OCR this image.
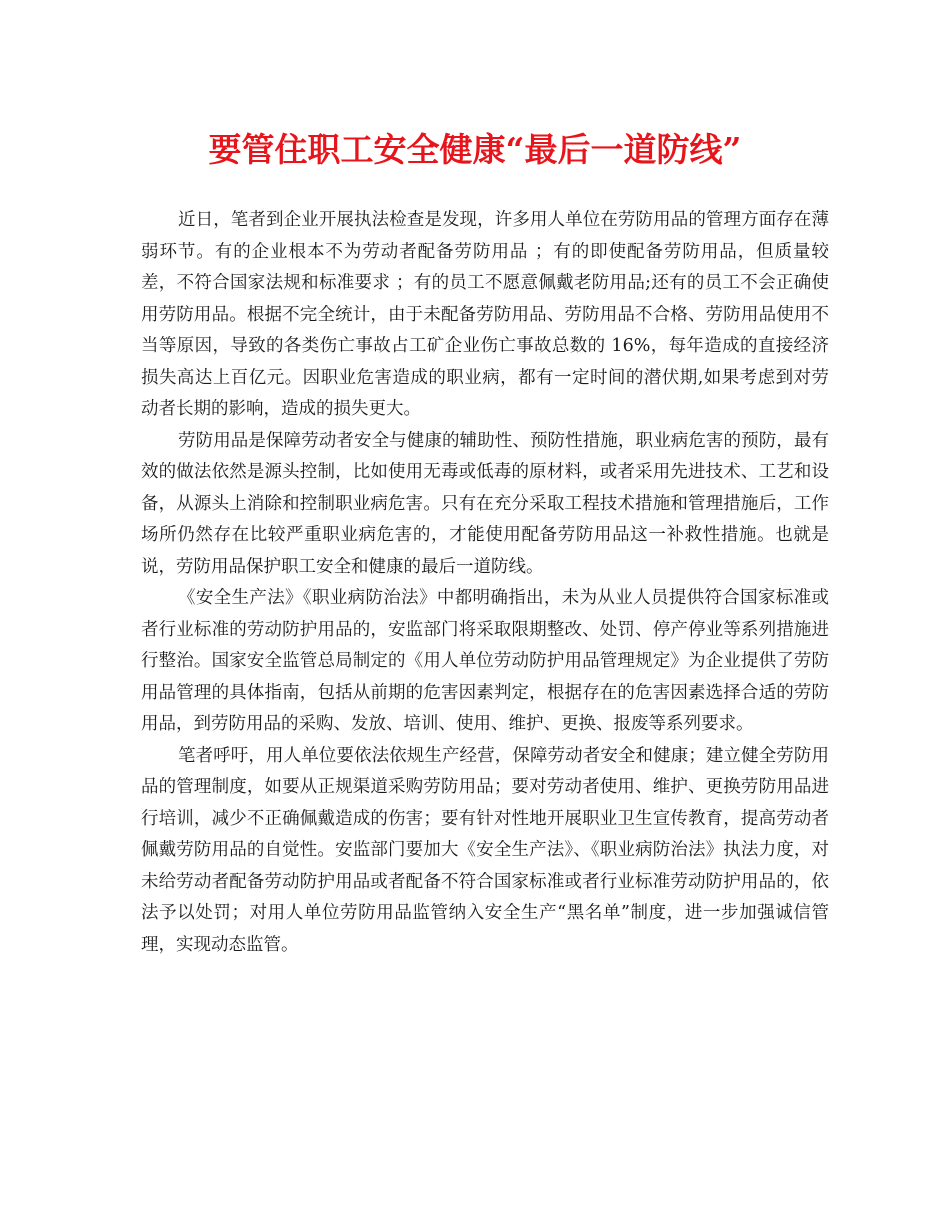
要管住职工安全健康“最后一道防线”

近日，笔者到企业开展执法检查是发现，许多用人单位在劳防用品的管理方面存在薄弱环节。有的企业根本不为劳动者配备劳防用品 ；有的即使配备劳防用品，但质量较差，不符合国家法规和标准要求 ；有的员工不愿意佩戴老防用品;还有的员工不会正确使用劳防用品。根据不完全统计，由于未配备劳防用品、劳防用品不合格、劳防用品使用不当等原因，导致的各类伤亡事故占工矿企业伤亡事故总数的 16%，每年造成的直接经济损失高达上百亿元。因职业危害造成的职业病，都有一定时间的潜伏期,如果考虑到对劳动者长期的影响，造成的损失更大。

劳防用品是保障劳动者安全与健康的辅助性、预防性措施，职业病危害的预防，最有效的做法依然是源头控制，比如使用无毒或低毒的原材料，或者采用先进技术、工艺和设备，从源头上消除和控制职业病危害。只有在充分采取工程技术措施和管理措施后，工作场所仍然存在比较严重职业病危害的，才能使用配备劳防用品这一补救性措施。也就是说，劳防用品保护职工安全和健康的最后一道防线。

《安全生产法》《职业病防治法》中都明确指出，未为从业人员提供符合国家标准或者行业标准的劳动防护用品的，安监部门将采取限期整改、处罚、停产停业等系列措施进行整治。国家安全监管总局制定的《用人单位劳动防护用品管理规定》为企业提供了劳防用品管理的具体指南，包括从前期的危害因素判定，根据存在的危害因素选择合适的劳防用品，到劳防用品的采购、发放、培训、使用、维护、更换、报废等系列要求。

笔者呼吁，用人单位要依法依规生产经营，保障劳动者安全和健康；建立健全劳防用品的管理制度，如要从正规渠道采购劳防用品；要对劳动者使用、维护、更换劳防用品进行培训，减少不正确佩戴造成的伤害；要有针对性地开展职业卫生宣传教育，提高劳动者佩戴劳防用品的自觉性。安监部门要加大《安全生产法》、《职业病防治法》执法力度，对未给劳动者配备劳动防护用品或者配备不符合国家标准或者行业标准劳动防护用品的，依法予以处罚；对用人单位劳防用品监管纳入安全生产“黑名单”制度，进一步加强诚信管理，实现动态监管。
